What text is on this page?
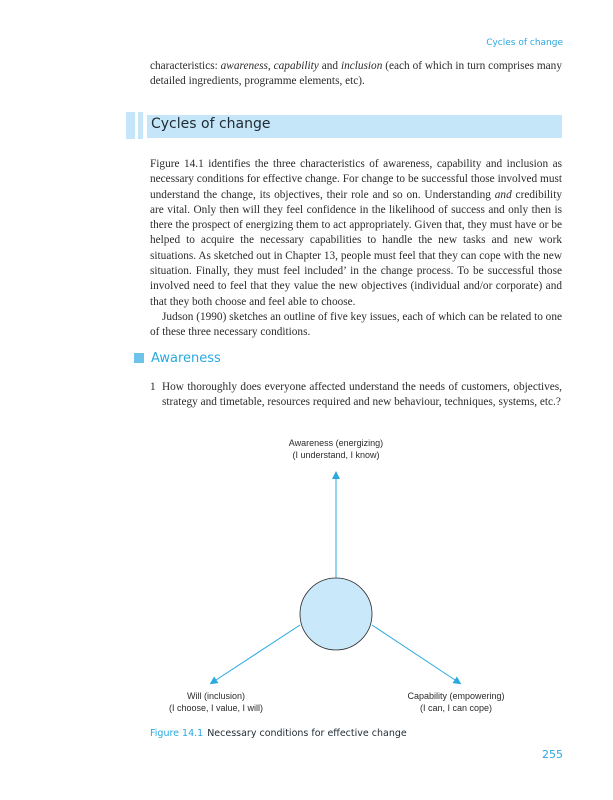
Cycles of change
characteristics: awareness, capability and inclusion (each of which in turn comprises many detailed ingredients, programme elements, etc).
Cycles of change

Figure 14.1 identifies the three characteristics of awareness, capability and inclusion as necessary conditions for effective change. For change to be successful those involved must understand the change, its objectives, their role and so on. Understanding and credibility are vital. Only then will they feel confidence in the likelihood of success and only then is there the prospect of energizing them to act appropriately. Given that, they must have or be helped to acquire the necessary capabilities to handle the new tasks and new work situations. As sketched out in Chapter 13, people must feel that they can cope with the new situation. Finally, they must feel included’ in the change process. To be successful those involved need to feel that they value the new objectives (individual and/or corporate) and that they both choose and feel able to choose.

Judson (1990) sketches an outline of five key issues, each of which can be related to one of these three necessary conditions.

Awareness
1 How thoroughly does everyone affected understand the needs of customers, objectives, strategy and timetable, resources required and new behaviour, techniques, systems, etc.?
Awareness (energizing)
(I understand, I know)
Will (inclusion)
(I choose, I value, I will)
Capability (empowering)
(I can, I can cope)
Figure 14.1 Necessary conditions for effective change
255
